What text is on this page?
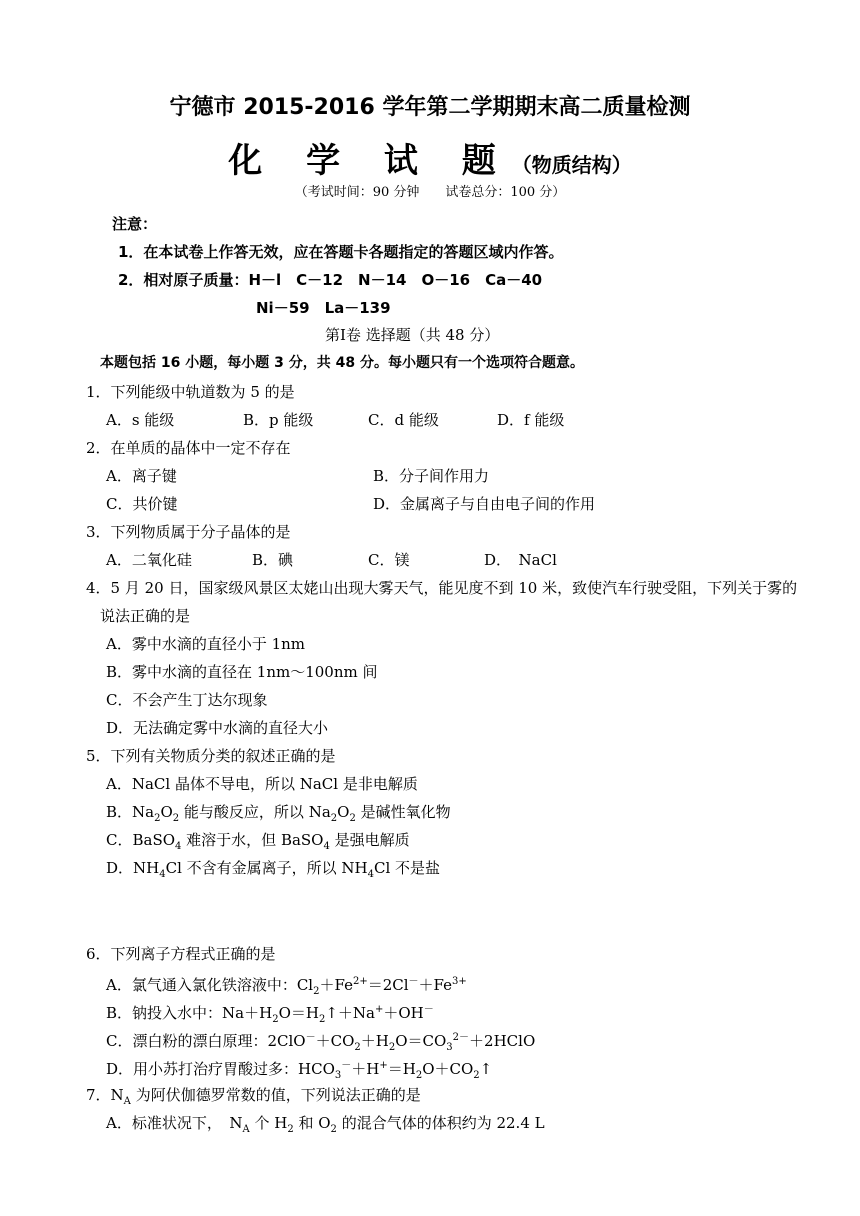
宁德市 2015-2016 学年第二学期期末高二质量检测
化 学 试 题（物质结构）
（考试时间：90 分钟　　试卷总分：100 分）
注意：
1．在本试卷上作答无效，应在答题卡各题指定的答题区域内作答。
2．相对原子质量：H－l　C－12　N－14　O－16　Ca－40
Ni－59　La－139
第Ⅰ卷 选择题（共 48 分）
本题包括 16 小题，每小题 3 分，共 48 分。每小题只有一个选项符合题意。
1．下列能级中轨道数为 5 的是
A．s 能级	B．p 能级	C．d 能级	D．f 能级
2．在单质的晶体中一定不存在
A．离子键	B．分子间作用力
C．共价键	D．金属离子与自由电子间的作用
3．下列物质属于分子晶体的是
A．二氧化硅	B．碘	C．镁	D．　NaCl
4．5 月 20 日，国家级风景区太姥山出现大雾天气，能见度不到 10 米，致使汽车行驶受阻，下列关于雾的
说法正确的是
A．雾中水滴的直径小于 1nm
B．雾中水滴的直径在 1nm～100nm 间
C．不会产生丁达尔现象
D．无法确定雾中水滴的直径大小
5．下列有关物质分类的叙述正确的是
A．NaCl 晶体不导电，所以 NaCl 是非电解质
B．$Na_2O_2$ 能与酸反应，所以 $Na_2O_2$ 是碱性氧化物
C．BaSO$_4$ 难溶于水，但 BaSO$_4$ 是强电解质
D．$NH_4Cl$ 不含有金属离子，所以 $NH_4Cl$ 不是盐
6．下列离子方程式正确的是
A．氯气通入氯化铁溶液中：$Cl_2+Fe^{2+}=2Cl^-+Fe^{3+}$
B．钠投入水中：$Na+H_2O=H_2↑+Na^++OH^-$
C．漂白粉的漂白原理：$2ClO^-+CO_2+H_2O=CO_3^{2-}+2HClO$
D．用小苏打治疗胃酸过多：$HCO_3^-+H^+=H_2O+CO_2↑$
7．$N_A$ 为阿伏伽德罗常数的值，下列说法正确的是
A．标准状况下，　$N_A$ 个 $H_2$ 和 $O_2$ 的混合气体的体积约为 22.4 L
